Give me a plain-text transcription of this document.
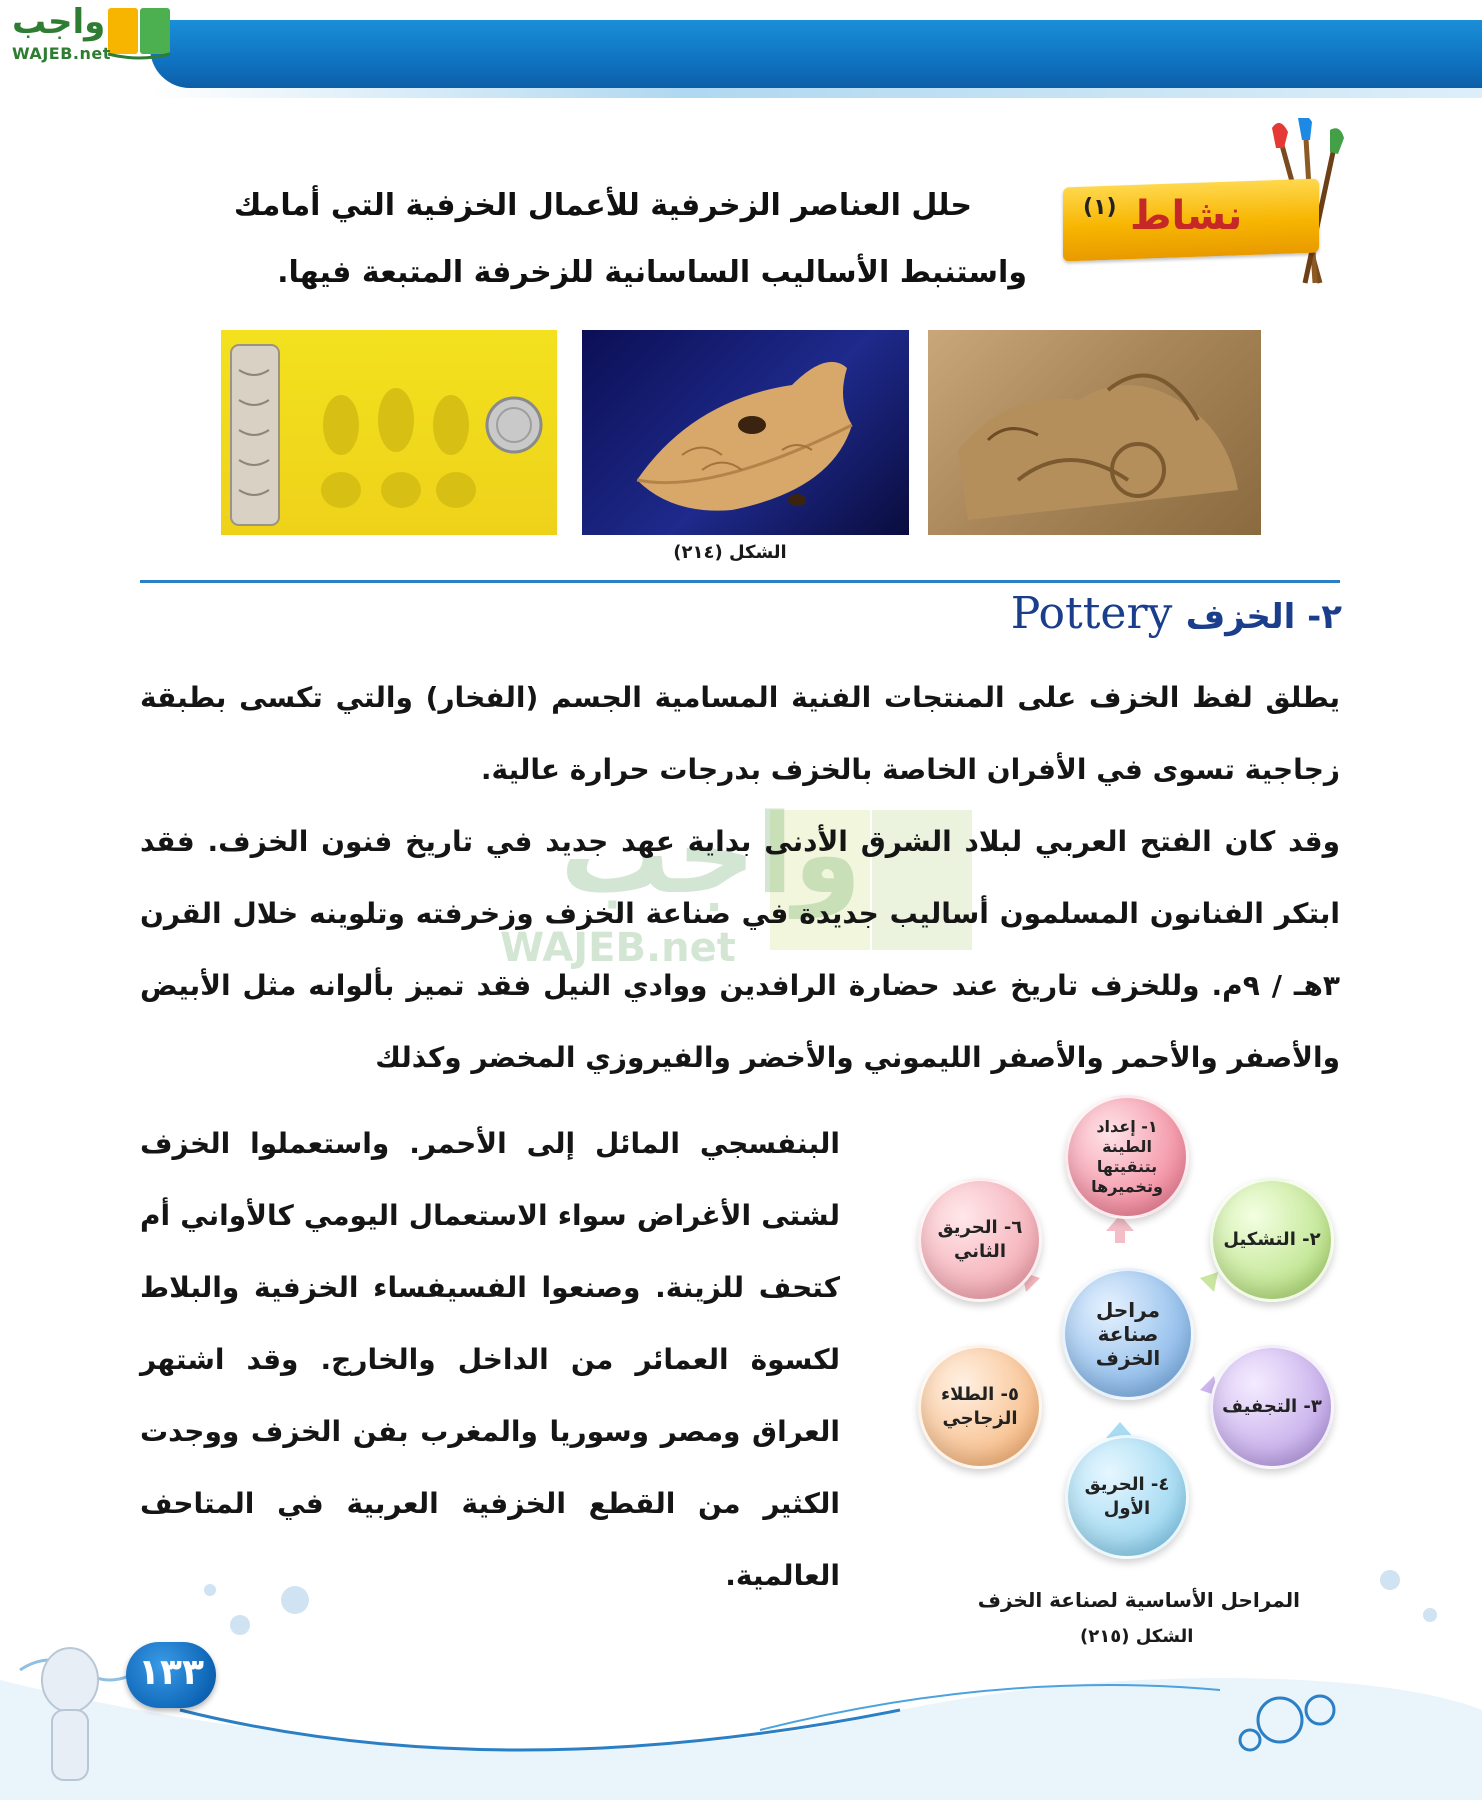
واجب
WAJEB.net
نشاط
(١)
حلل العناصر الزخرفية للأعمال الخزفية التي أمامك
واستنبط الأساليب الساسانية للزخرفة المتبعة فيها.
الشكل (٢١٤)
٢- الخزف Pottery
واجب
WAJEB.net
يطلق لفظ الخزف على المنتجات الفنية المسامية الجسم (الفخار) والتي تكسى بطبقة زجاجية تسوى في الأفران الخاصة بالخزف بدرجات حرارة عالية.
وقد كان الفتح العربي لبلاد الشرق الأدنى بداية عهد جديد في تاريخ فنون الخزف. فقد ابتكر الفنانون المسلمون أساليب جديدة في صناعة الخزف وزخرفته وتلوينه خلال القرن ٣هـ / ٩م. وللخزف تاريخ عند حضارة الرافدين ووادي النيل فقد تميز بألوانه مثل الأبيض والأصفر والأحمر والأصفر الليموني والأخضر والفيروزي المخضر وكذلك
البنفسجي المائل إلى الأحمر. واستعملوا الخزف لشتى الأغراض سواء الاستعمال اليومي كالأواني أم كتحف للزينة. وصنعوا الفسيفساء الخزفية والبلاط لكسوة العمائر من الداخل والخارج. وقد اشتهر العراق ومصر وسوريا والمغرب بفن الخزف ووجدت الكثير من القطع الخزفية العربية في المتاحف العالمية.
مراحل صناعة الخزف
١- إعداد الطينة بتنقيتها وتخميرها
٢- التشكيل
٣- التجفيف
٤- الحريق الأول
٥- الطلاء الزجاجي
٦- الحريق الثاني
المراحل الأساسية لصناعة الخزف
الشكل (٢١٥)
١٣٣
